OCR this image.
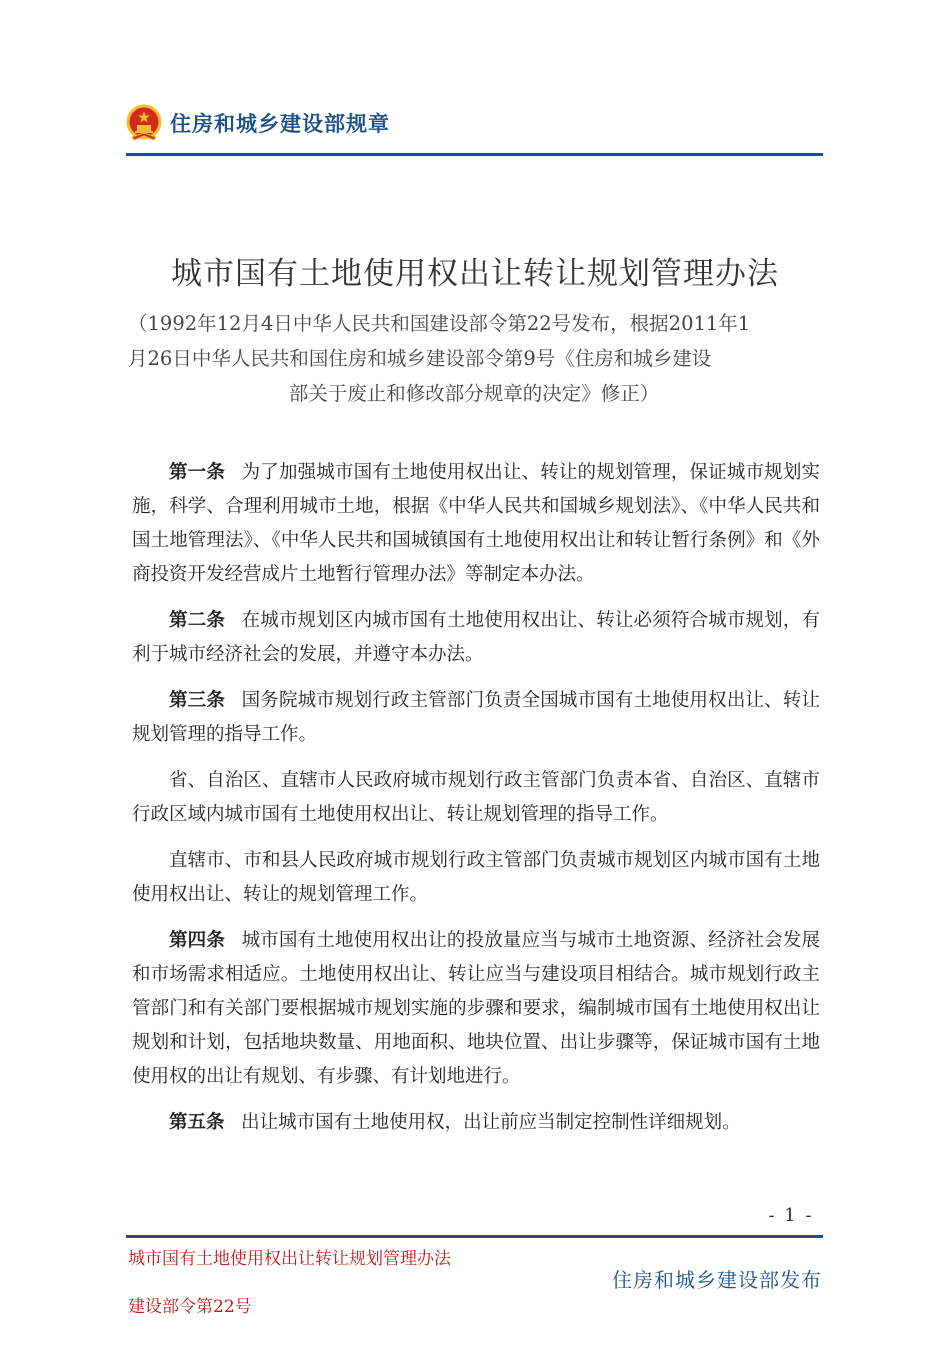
住房和城乡建设部规章
城市国有土地使用权出让转让规划管理办法
（1992年12月4日中华人民共和国建设部令第22号发布，根据2011年1
月26日中华人民共和国住房和城乡建设部令第9号《住房和城乡建设
部关于废止和修改部分规章的决定》修正）

第一条 为了加强城市国有土地使用权出让、转让的规划管理，保证城市规划实施，科学、合理利用城市土地，根据《中华人民共和国城乡规划法》、《中华人民共和国土地管理法》、《中华人民共和国城镇国有土地使用权出让和转让暂行条例》和《外商投资开发经营成片土地暂行管理办法》等制定本办法。

第二条 在城市规划区内城市国有土地使用权出让、转让必须符合城市规划，有利于城市经济社会的发展，并遵守本办法。

第三条 国务院城市规划行政主管部门负责全国城市国有土地使用权出让、转让规划管理的指导工作。

省、自治区、直辖市人民政府城市规划行政主管部门负责本省、自治区、直辖市行政区域内城市国有土地使用权出让、转让规划管理的指导工作。

直辖市、市和县人民政府城市规划行政主管部门负责城市规划区内城市国有土地使用权出让、转让的规划管理工作。

第四条 城市国有土地使用权出让的投放量应当与城市土地资源、经济社会发展和市场需求相适应。土地使用权出让、转让应当与建设项目相结合。城市规划行政主管部门和有关部门要根据城市规划实施的步骤和要求，编制城市国有土地使用权出让规划和计划，包括地块数量、用地面积、地块位置、出让步骤等，保证城市国有土地使用权的出让有规划、有步骤、有计划地进行。

第五条 出让城市国有土地使用权，出让前应当制定控制性详细规划。

- 1 -
城市国有土地使用权出让转让规划管理办法
建设部令第22号
住房和城乡建设部发布
